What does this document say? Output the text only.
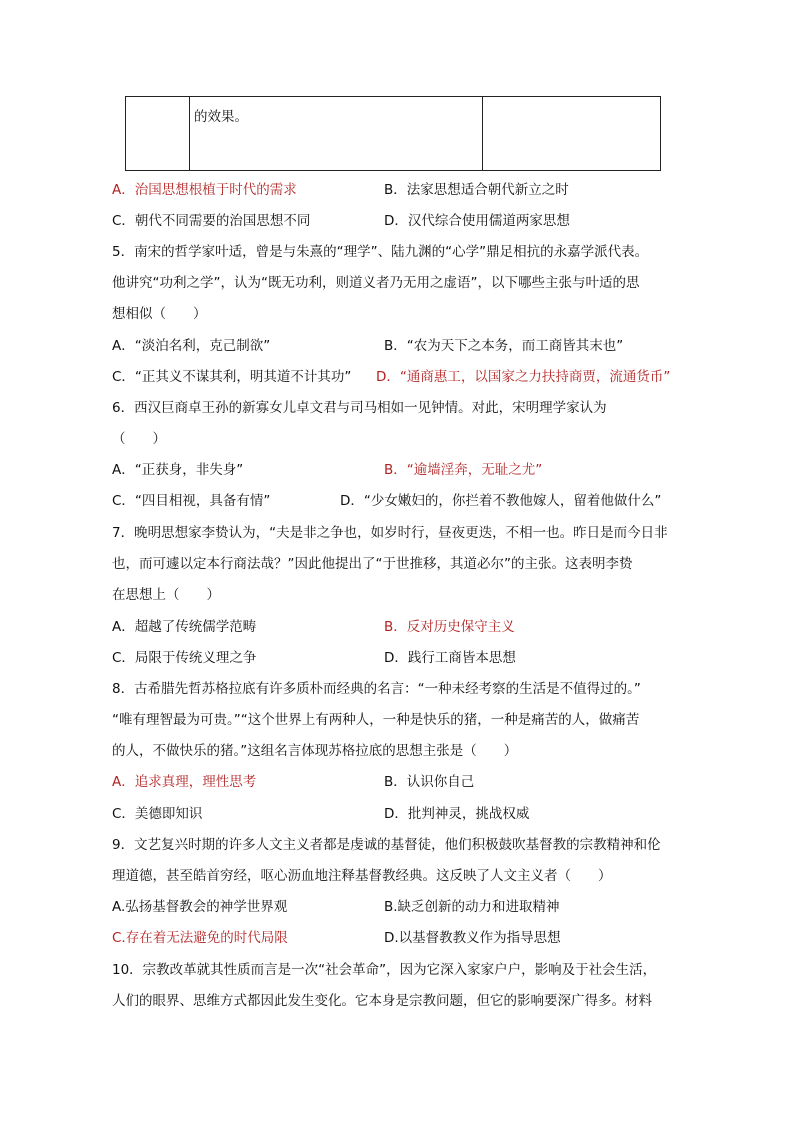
的效果。
A．治国思想根植于时代的需求	B．法家思想适合朝代新立之时
C．朝代不同需要的治国思想不同	D．汉代综合使用儒道两家思想
5．南宋的哲学家叶适，曾是与朱熹的“理学”、陆九渊的“心学”鼎足相抗的永嘉学派代表。
他讲究“功利之学”，认为“既无功利，则道义者乃无用之虚语”，以下哪些主张与叶适的思
想相似（　　）
A．“淡泊名利，克己制欲”	B．“农为天下之本务，而工商皆其末也”
C．“正其义不谋其利，明其道不计其功” D．“通商惠工，以国家之力扶持商贾，流通货币”
6．西汉巨商卓王孙的新寡女儿卓文君与司马相如一见钟情。对此，宋明理学家认为
（　　）
A．“正获身，非失身”	B．“逾墙淫奔，无耻之尤”
C．“四目相视，具备有情”	D．“少女嫩妇的，你拦着不教他嫁人，留着他做什么”
7．晚明思想家李贽认为，“夫是非之争也，如岁时行，昼夜更迭，不相一也。昨日是而今日非
也，而可遽以定本行商法哉？”因此他提出了“于世推移，其道必尔”的主张。这表明李贽
在思想上（　　）
A．超越了传统儒学范畴	B．反对历史保守主义
C．局限于传统义理之争	D．践行工商皆本思想
8．古希腊先哲苏格拉底有许多质朴而经典的名言：“一种未经考察的生活是不值得过的。”
“唯有理智最为可贵。”“这个世界上有两种人，一种是快乐的猪，一种是痛苦的人，做痛苦
的人，不做快乐的猪。”这组名言体现苏格拉底的思想主张是（　　）
A．追求真理，理性思考	B．认识你自己
C．美德即知识	D．批判神灵，挑战权威
9．文艺复兴时期的许多人文主义者都是虔诚的基督徒，他们积极鼓吹基督教的宗教精神和伦
理道德，甚至皓首穷经，呕心沥血地注释基督教经典。这反映了人文主义者（　　）
A.弘扬基督教会的神学世界观	B.缺乏创新的动力和进取精神
C.存在着无法避免的时代局限	D.以基督教教义作为指导思想
10．宗教改革就其性质而言是一次“社会革命”，因为它深入家家户户，影响及于社会生活，
人们的眼界、思维方式都因此发生变化。它本身是宗教问题，但它的影响要深广得多。材料
